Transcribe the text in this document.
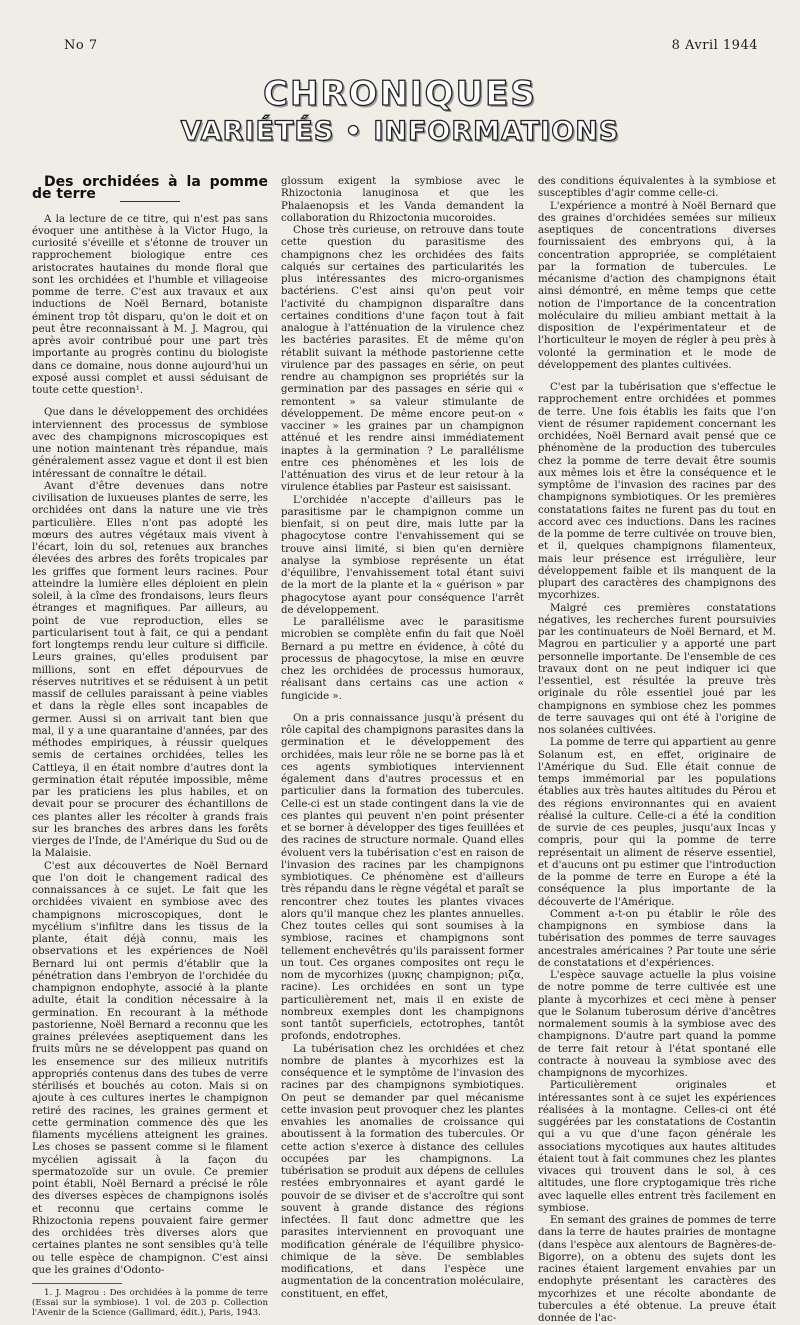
No 7	8 Avril 1944
CHRONIQUES
VARIÉTÉS • INFORMATIONS

Des orchidées à la pomme de terre

A la lecture de ce titre, qui n'est pas sans évoquer une antithèse à la Victor Hugo, la curiosité s'éveille et s'étonne de trouver un rapprochement biologique entre ces aristocrates hautaines du monde floral que sont les orchidées et l'humble et villageoise pomme de terre. C'est aux travaux et aux inductions de Noël Bernard, botaniste éminent trop tôt disparu, qu'on le doit et on peut être reconnaissant à M. J. Magrou, qui après avoir contribué pour une part très importante au progrès continu du biologiste dans ce domaine, nous donne aujourd'hui un exposé aussi complet et aussi séduisant de toute cette question¹.

Que dans le développement des orchidées interviennent des processus de symbiose avec des champignons microscopiques est une notion maintenant très répandue, mais généralement assez vague et dont il est bien intéressant de connaître le détail.

Avant d'être devenues dans notre civilisation de luxueuses plantes de serre, les orchidées ont dans la nature une vie très particulière. Elles n'ont pas adopté les mœurs des autres végétaux mais vivent à l'écart, loin du sol, retenues aux branches élevées des arbres des forêts tropicales par les griffes que forment leurs racines. Pour atteindre la lumière elles déploient en plein soleil, à la cîme des frondaisons, leurs fleurs étranges et magnifiques. Par ailleurs, au point de vue reproduction, elles se particularisent tout à fait, ce qui a pendant fort longtemps rendu leur culture si difficile. Leurs graines, qu'elles produisent par millions, sont en effet dépourvues de réserves nutritives et se réduisent à un petit massif de cellules paraissant à peine viables et dans la règle elles sont incapables de germer. Aussi si on arrivait tant bien que mal, il y a une quarantaine d'années, par des méthodes empiriques, à réussir quelques semis de certaines orchidées, telles les Cattleya, il en était nombre d'autres dont la germination était réputée impossible, même par les praticiens les plus habiles, et on devait pour se procurer des échantillons de ces plantes aller les récolter à grands frais sur les branches des arbres dans les forêts vierges de l'Inde, de l'Amérique du Sud ou de la Malaisie.

C'est aux découvertes de Noël Bernard que l'on doit le changement radical des connaissances à ce sujet. Le fait que les orchidées vivaient en symbiose avec des champignons microscopiques, dont le mycélium s'infiltre dans les tissus de la plante, était déjà connu, mais les observations et les expériences de Noël Bernard lui ont permis d'établir que la pénétration dans l'embryon de l'orchidée du champignon endophyte, associé à la plante adulte, était la condition nécessaire à la germination. En recourant à la méthode pastorienne, Noël Bernard a reconnu que les graines prélevées aseptiquement dans les fruits mûrs ne se développent pas quand on les ensemence sur des milieux nutritifs appropriés contenus dans des tubes de verre stérilisés et bouchés au coton. Mais si on ajoute à ces cultures inertes le champignon retiré des racines, les graines germent et cette germination commence dès que les filaments mycéliens atteignent les graines. Les choses se passent comme si le filament mycélien agissait à la façon du spermatozoïde sur un ovule. Ce premier point établi, Noël Bernard a précisé le rôle des diverses espèces de champignons isolés et reconnu que certains comme le Rhizoctonia repens pouvaient faire germer des orchidées très diverses alors que certaines plantes ne sont sensibles qu'à telle ou telle espèce de champignon. C'est ainsi que les graines d'Odonto-

1. J. Magrou : Des orchidées à la pomme de terre (Essai sur la symbiose). 1 vol. de 203 p. Collection l'Avenir de la Science (Gallimard, édit.), Paris, 1943.

glossum exigent la symbiose avec le Rhizoctonia lanuginosa et que les Phalaenopsis et les Vanda demandent la collaboration du Rhizoctonia mucoroides.

Chose très curieuse, on retrouve dans toute cette question du parasitisme des champignons chez les orchidées des faits calqués sur certaines des particularités les plus intéressantes des micro-organismes bactériens. C'est ainsi qu'on peut voir l'activité du champignon disparaître dans certaines conditions d'une façon tout à fait analogue à l'atténuation de la virulence chez les bactéries parasites. Et de même qu'on rétablit suivant la méthode pastorienne cette virulence par des passages en série, on peut rendre au champignon ses propriétés sur la germination par des passages en série qui « remontent » sa valeur stimulante de développement. De même encore peut-on « vacciner » les graines par un champignon atténué et les rendre ainsi immédiatement inaptes à la germination ? Le parallélisme entre ces phénomènes et les lois de l'atténuation des virus et de leur retour à la virulence établies par Pasteur est saisissant.

L'orchidée n'accepte d'ailleurs pas le parasitisme par le champignon comme un bienfait, si on peut dire, mais lutte par la phagocytose contre l'envahissement qui se trouve ainsi limité, si bien qu'en dernière analyse la symbiose représente un état d'équilibre, l'envahissement total étant suivi de la mort de la plante et la « guérison » par phagocytose ayant pour conséquence l'arrêt de développement.

Le parallélisme avec le parasitisme microbien se complète enfin du fait que Noël Bernard a pu mettre en évidence, à côté du processus de phagocytose, la mise en œuvre chez les orchidées de processus humoraux, réalisant dans certains cas une action « fungicide ».

On a pris connaissance jusqu'à présent du rôle capital des champignons parasites dans la germination et le développement des orchidées, mais leur rôle ne se borne pas là et ces agents symbiotiques interviennent également dans d'autres processus et en particulier dans la formation des tubercules. Celle-ci est un stade contingent dans la vie de ces plantes qui peuvent n'en point présenter et se borner à développer des tiges feuillées et des racines de structure normale. Quand elles évoluent vers la tubérisation c'est en raison de l'invasion des racines par les champignons symbiotiques. Ce phénomène est d'ailleurs très répandu dans le règne végétal et paraît se rencontrer chez toutes les plantes vivaces alors qu'il manque chez les plantes annuelles. Chez toutes celles qui sont soumises à la symbiose, racines et champignons sont tellement enchevêtrés qu'ils paraissent former un tout. Ces organes composites ont reçu le nom de mycorhizes (μυκης champignon; ριζα, racine). Les orchidées en sont un type particulièrement net, mais il en existe de nombreux exemples dont les champignons sont tantôt superficiels, ectotrophes, tantôt profonds, endotrophes.

La tubérisation chez les orchidées et chez nombre de plantes à mycorhizes est la conséquence et le symptôme de l'invasion des racines par des champignons symbiotiques. On peut se demander par quel mécanisme cette invasion peut provoquer chez les plantes envahies les anomalies de croissance qui aboutissent à la formation des tubercules. Or cette action s'exerce à distance des cellules occupées par les champignons. La tubérisation se produit aux dépens de cellules restées embryonnaires et ayant gardé le pouvoir de se diviser et de s'accroître qui sont souvent à grande distance des régions infectées. Il faut donc admettre que les parasites interviennent en provoquant une modification générale de l'équilibre physico-chimique de la sève. De semblables modifications, et dans l'espèce une augmentation de la concentration moléculaire, constituent, en effet,

des conditions équivalentes à la symbiose et susceptibles d'agir comme celle-ci.

L'expérience a montré à Noël Bernard que des graines d'orchidées semées sur milieux aseptiques de concentrations diverses fournissaient des embryons qui, à la concentration appropriée, se complétaient par la formation de tubercules. Le mécanisme d'action des champignons était ainsi démontré, en même temps que cette notion de l'importance de la concentration moléculaire du milieu ambiant mettait à la disposition de l'expérimentateur et de l'horticulteur le moyen de régler à peu près à volonté la germination et le mode de développement des plantes cultivées.

C'est par la tubérisation que s'effectue le rapprochement entre orchidées et pommes de terre. Une fois établis les faits que l'on vient de résumer rapidement concernant les orchidées, Noël Bernard avait pensé que ce phénomène de la production des tubercules chez la pomme de terre devait être soumis aux mêmes lois et être la conséquence et le symptôme de l'invasion des racines par des champignons symbiotiques. Or les premières constatations faites ne furent pas du tout en accord avec ces inductions. Dans les racines de la pomme de terre cultivée on trouve bien, et il, quelques champignons filamenteux, mais leur présence est irrégulière, leur développement faible et ils manquent de la plupart des caractères des champignons des mycorhizes.

Malgré ces premières constatations négatives, les recherches furent poursuivies par les continuateurs de Noël Bernard, et M. Magrou en particulier y a apporté une part personnelle importante. De l'ensemble de ces travaux dont on ne peut indiquer ici que l'essentiel, est résultée la preuve très originale du rôle essentiel joué par les champignons en symbiose chez les pommes de terre sauvages qui ont été à l'origine de nos solanées cultivées.

La pomme de terre qui appartient au genre Solanum est, en effet, originaire de l'Amérique du Sud. Elle était connue de temps immémorial par les populations établies aux très hautes altitudes du Pérou et des régions environnantes qui en avaient réalisé la culture. Celle-ci a été la condition de survie de ces peuples, jusqu'aux Incas y compris, pour qui la pomme de terre représentait un aliment de réserve essentiel, et d'aucuns ont pu estimer que l'introduction de la pomme de terre en Europe a été la conséquence la plus importante de la découverte de l'Amérique.

Comment a-t-on pu établir le rôle des champignons en symbiose dans la tubérisation des pommes de terre sauvages ancestrales américaines ? Par toute une série de constatations et d'expériences.

L'espèce sauvage actuelle la plus voisine de notre pomme de terre cultivée est une plante à mycorhizes et ceci mène à penser que le Solanum tuberosum dérive d'ancêtres normalement soumis à la symbiose avec des champignons. D'autre part quand la pomme de terre fait retour à l'état spontané elle contracte à nouveau la symbiose avec des champignons de mycorhizes.

Particulièrement originales et intéressantes sont à ce sujet les expériences réalisées à la montagne. Celles-ci ont été suggérées par les constatations de Costantin qui a vu que d'une façon générale les associations mycotiques aux hautes altitudes étaient tout à fait communes chez les plantes vivaces qui trouvent dans le sol, à ces altitudes, une flore cryptogamique très riche avec laquelle elles entrent très facilement en symbiose.

En semant des graines de pommes de terre dans la terre de hautes prairies de montagne (dans l'espèce aux alentours de Bagnères-de-Bigorre), on a obtenu des sujets dont les racines étaient largement envahies par un endophyte présentant les caractères des mycorhizes et une récolte abondante de tubercules a été obtenue. La preuve était donnée de l'ac-
